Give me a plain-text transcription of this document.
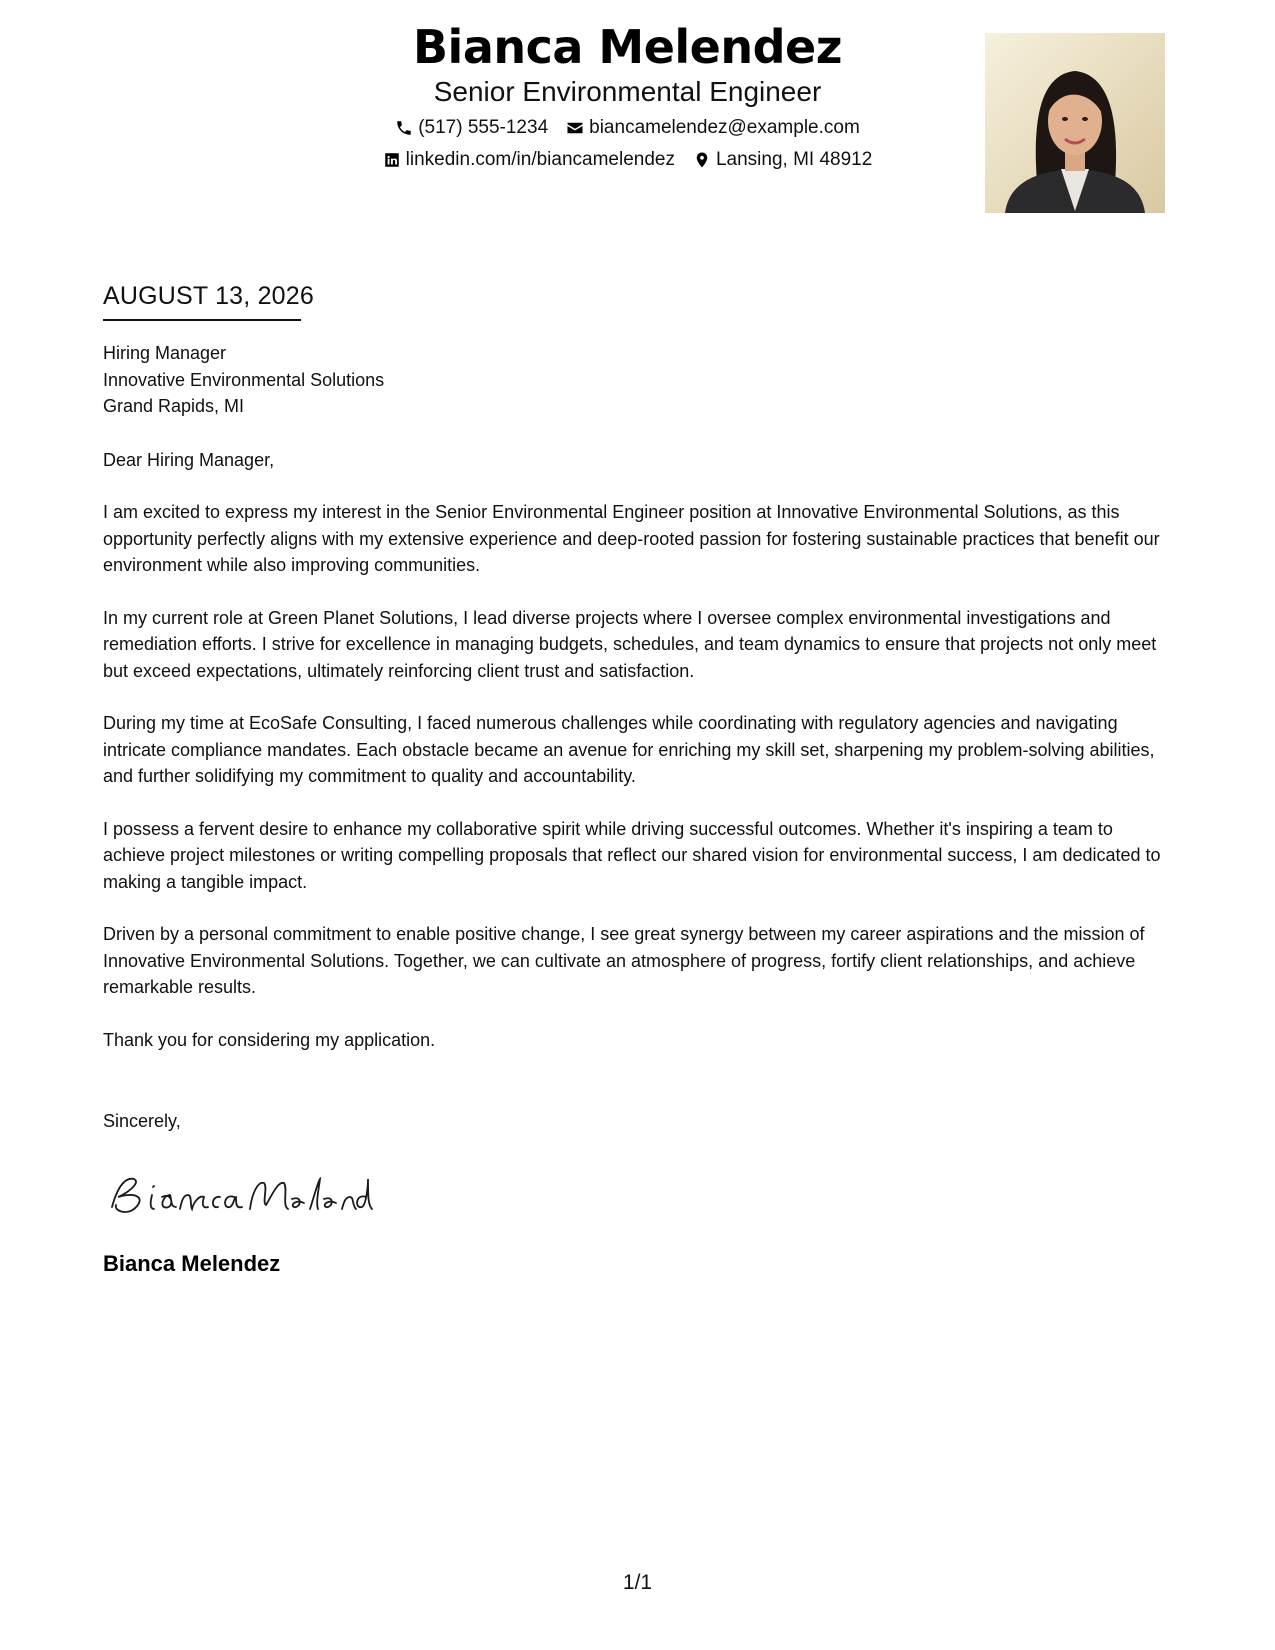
Bianca Melendez
Senior Environmental Engineer
(517) 555-1234 biancamelendez@example.com
linkedin.com/in/biancamelendez Lansing, MI 48912
AUGUST 13, 2026
Hiring Manager
Innovative Environmental Solutions
Grand Rapids, MI
Dear Hiring Manager,
I am excited to express my interest in the Senior Environmental Engineer position at Innovative Environmental Solutions, as this opportunity perfectly aligns with my extensive experience and deep-rooted passion for fostering sustainable practices that benefit our environment while also improving communities.
In my current role at Green Planet Solutions, I lead diverse projects where I oversee complex environmental investigations and remediation efforts. I strive for excellence in managing budgets, schedules, and team dynamics to ensure that projects not only meet but exceed expectations, ultimately reinforcing client trust and satisfaction.
During my time at EcoSafe Consulting, I faced numerous challenges while coordinating with regulatory agencies and navigating intricate compliance mandates. Each obstacle became an avenue for enriching my skill set, sharpening my problem-solving abilities, and further solidifying my commitment to quality and accountability.
I possess a fervent desire to enhance my collaborative spirit while driving successful outcomes. Whether it's inspiring a team to achieve project milestones or writing compelling proposals that reflect our shared vision for environmental success, I am dedicated to making a tangible impact.
Driven by a personal commitment to enable positive change, I see great synergy between my career aspirations and the mission of Innovative Environmental Solutions. Together, we can cultivate an atmosphere of progress, fortify client relationships, and achieve remarkable results.
Thank you for considering my application.
Sincerely,
Bianca Melendez
1/1
